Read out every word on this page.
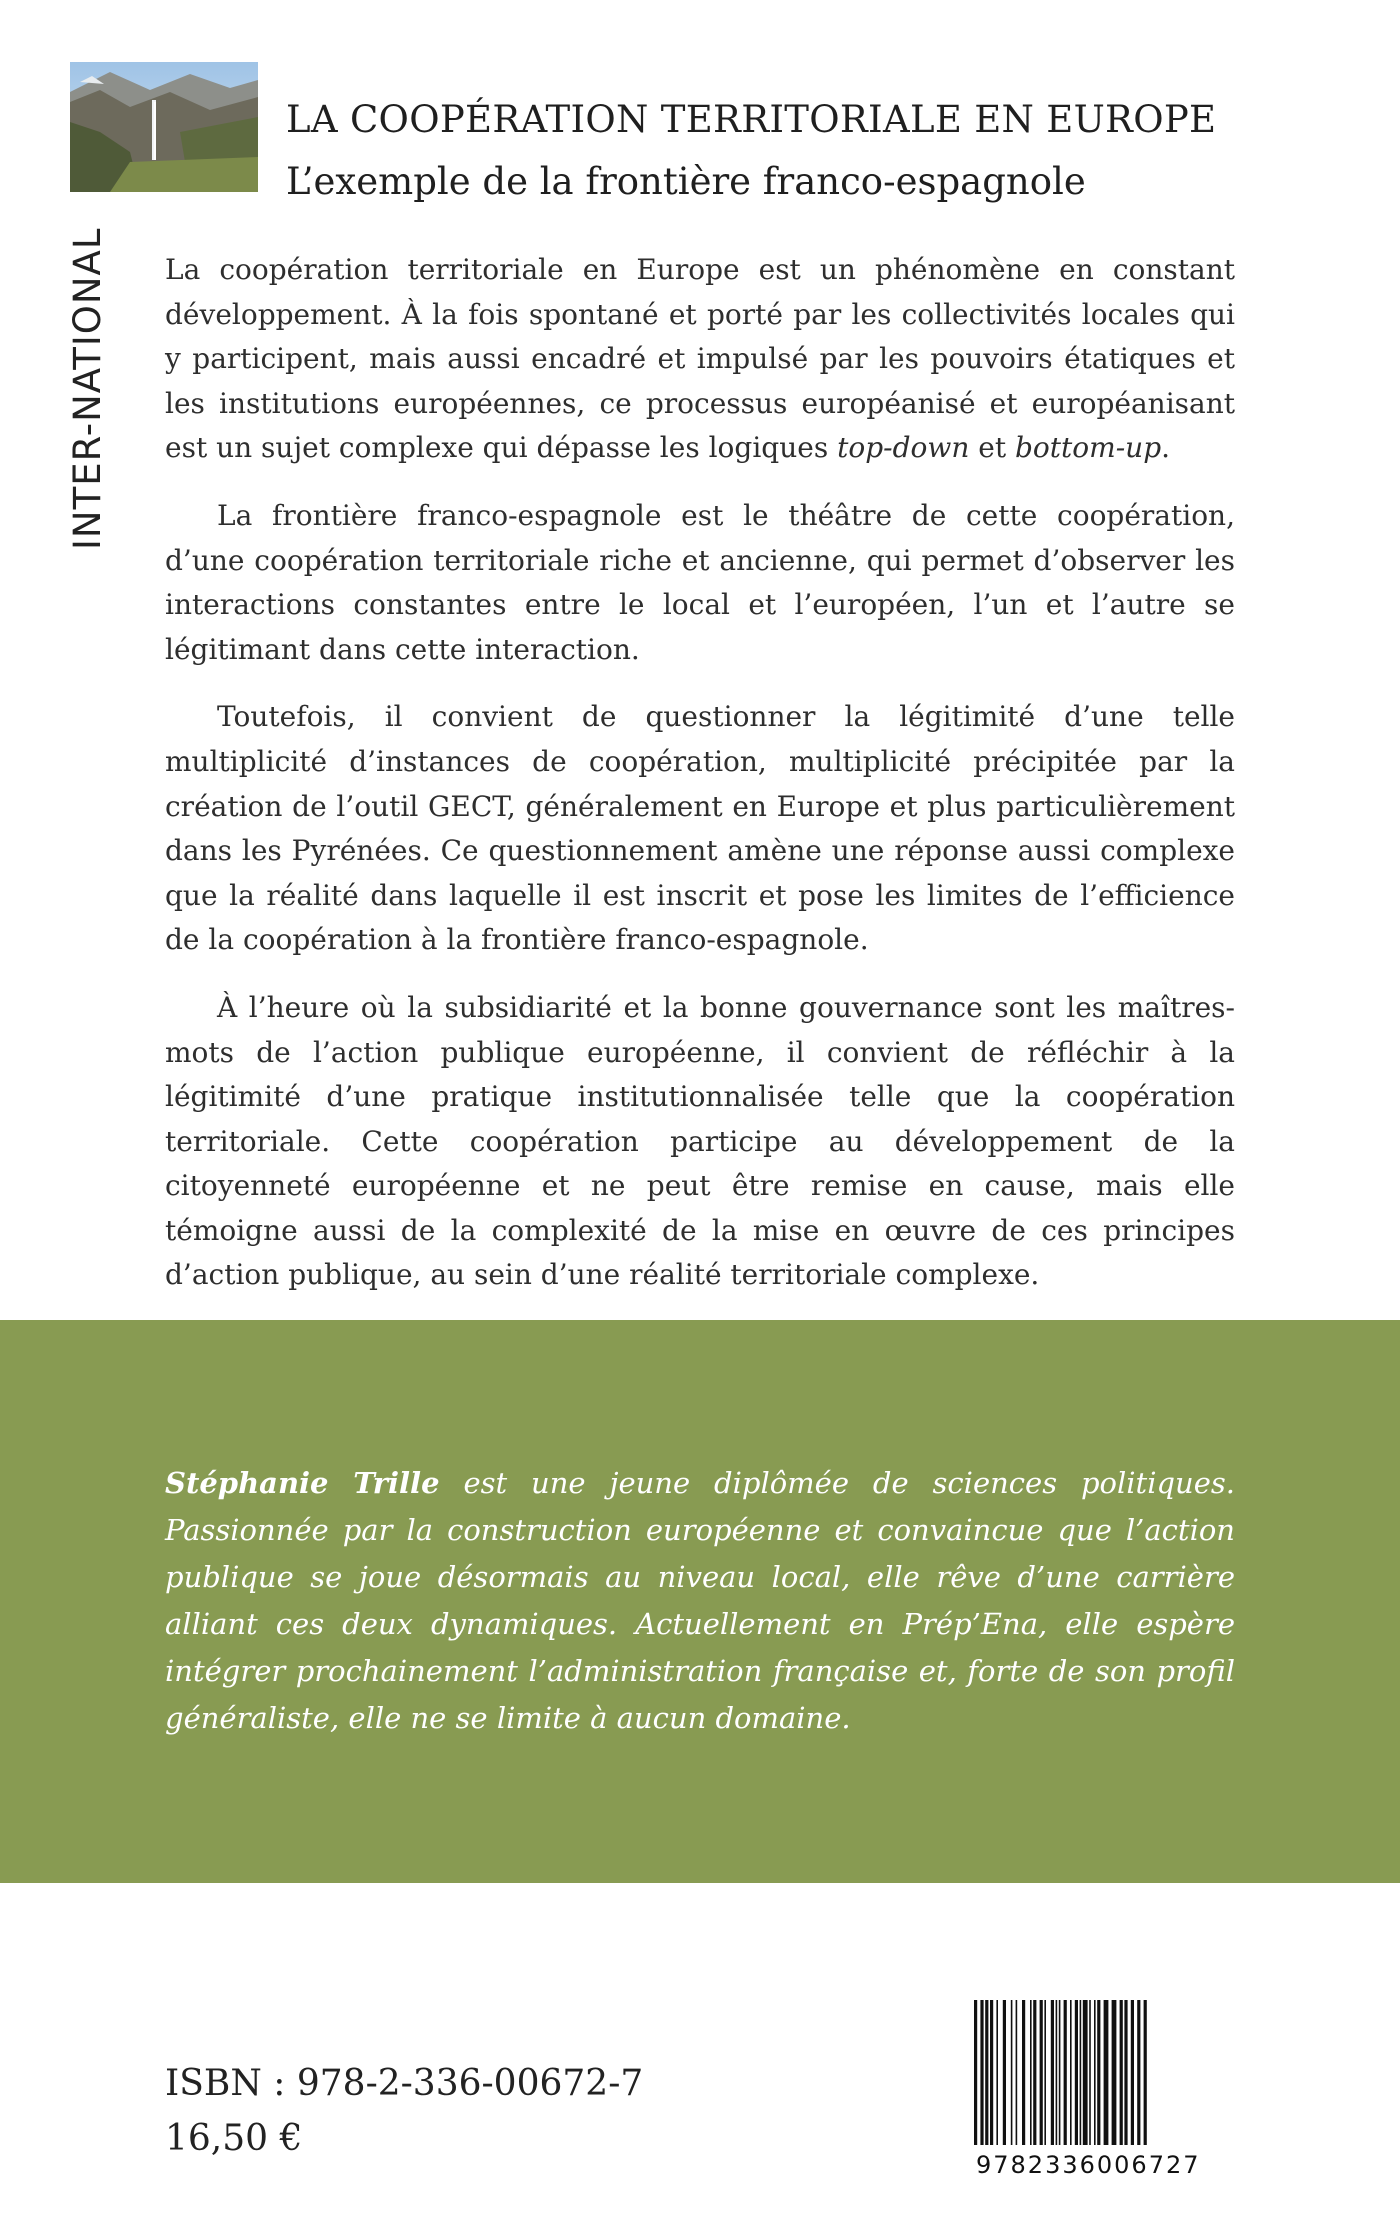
INTER-NATIONAL
LA COOPÉRATION TERRITORIALE EN EUROPE
L’exemple de la frontière franco-espagnole

La coopération territoriale en Europe est un phénomène en constant développement. À la fois spontané et porté par les collectivités locales qui y participent, mais aussi encadré et impulsé par les pouvoirs étatiques et les institutions européennes, ce processus européanisé et européanisant est un sujet complexe qui dépasse les logiques top-down et bottom-up.

La frontière franco-espagnole est le théâtre de cette coopération, d’une coopération territoriale riche et ancienne, qui permet d’observer les interactions constantes entre le local et l’européen, l’un et l’autre se légitimant dans cette interaction.

Toutefois, il convient de questionner la légitimité d’une telle multiplicité d’instances de coopération, multiplicité précipitée par la création de l’outil GECT, généralement en Europe et plus particulièrement dans les Pyrénées. Ce questionnement amène une réponse aussi complexe que la réalité dans laquelle il est inscrit et pose les limites de l’efficience de la coopération à la frontière franco-espagnole.

À l’heure où la subsidiarité et la bonne gouvernance sont les maîtres-mots de l’action publique européenne, il convient de réfléchir à la légitimité d’une pratique institutionnalisée telle que la coopération territoriale. Cette coopération participe au développement de la citoyenneté européenne et ne peut être remise en cause, mais elle témoigne aussi de la complexité de la mise en œuvre de ces principes d’action publique, au sein d’une réalité territoriale complexe.

Stéphanie Trille est une jeune diplômée de sciences politiques. Passionnée par la construction européenne et convaincue que l’action publique se joue désormais au niveau local, elle rêve d’une carrière alliant ces deux dynamiques. Actuellement en Prép’Ena, elle espère intégrer prochainement l’administration française et, forte de son profil généraliste, elle ne se limite à aucun domaine.
ISBN : 978-2-336-00672-7
16,50 €
9782336006727
